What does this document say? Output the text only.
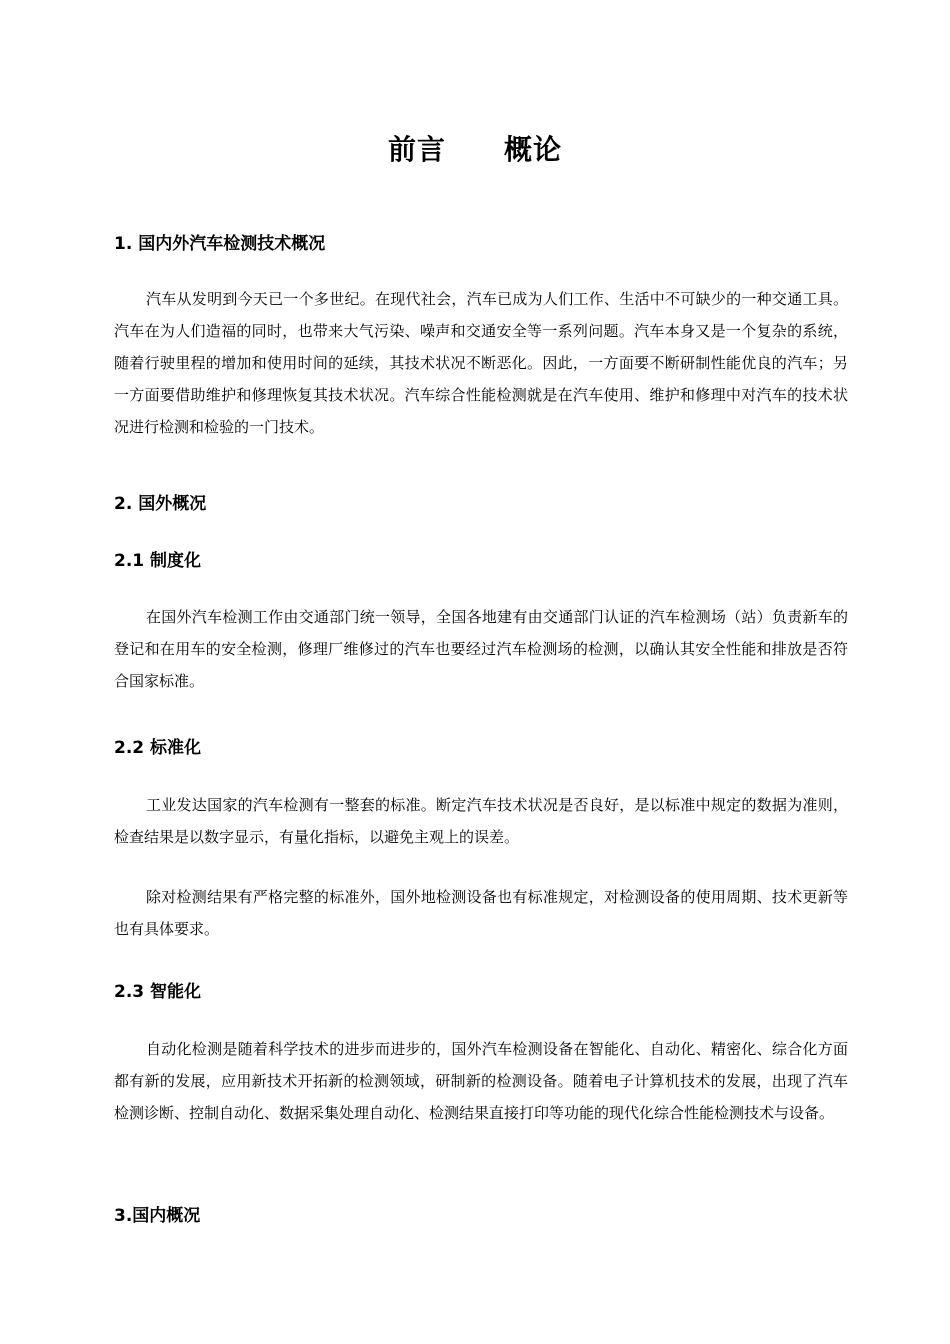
前言 概论
1. 国内外汽车检测技术概况
汽车从发明到今天已一个多世纪。在现代社会，汽车已成为人们工作、生活中不可缺少的一种交通工具。汽车在为人们造福的同时，也带来大气污染、噪声和交通安全等一系列问题。汽车本身又是一个复杂的系统，随着行驶里程的增加和使用时间的延续，其技术状况不断恶化。因此，一方面要不断研制性能优良的汽车；另一方面要借助维护和修理恢复其技术状况。汽车综合性能检测就是在汽车使用、维护和修理中对汽车的技术状况进行检测和检验的一门技术。
2. 国外概况
2.1 制度化
在国外汽车检测工作由交通部门统一领导，全国各地建有由交通部门认证的汽车检测场（站）负责新车的登记和在用车的安全检测，修理厂维修过的汽车也要经过汽车检测场的检测，以确认其安全性能和排放是否符合国家标准。
2.2 标准化
工业发达国家的汽车检测有一整套的标准。断定汽车技术状况是否良好，是以标准中规定的数据为准则，检查结果是以数字显示，有量化指标，以避免主观上的误差。
除对检测结果有严格完整的标准外，国外地检测设备也有标准规定，对检测设备的使用周期、技术更新等也有具体要求。
2.3 智能化
自动化检测是随着科学技术的进步而进步的，国外汽车检测设备在智能化、自动化、精密化、综合化方面都有新的发展，应用新技术开拓新的检测领域，研制新的检测设备。随着电子计算机技术的发展，出现了汽车检测诊断、控制自动化、数据采集处理自动化、检测结果直接打印等功能的现代化综合性能检测技术与设备。
3.国内概况
